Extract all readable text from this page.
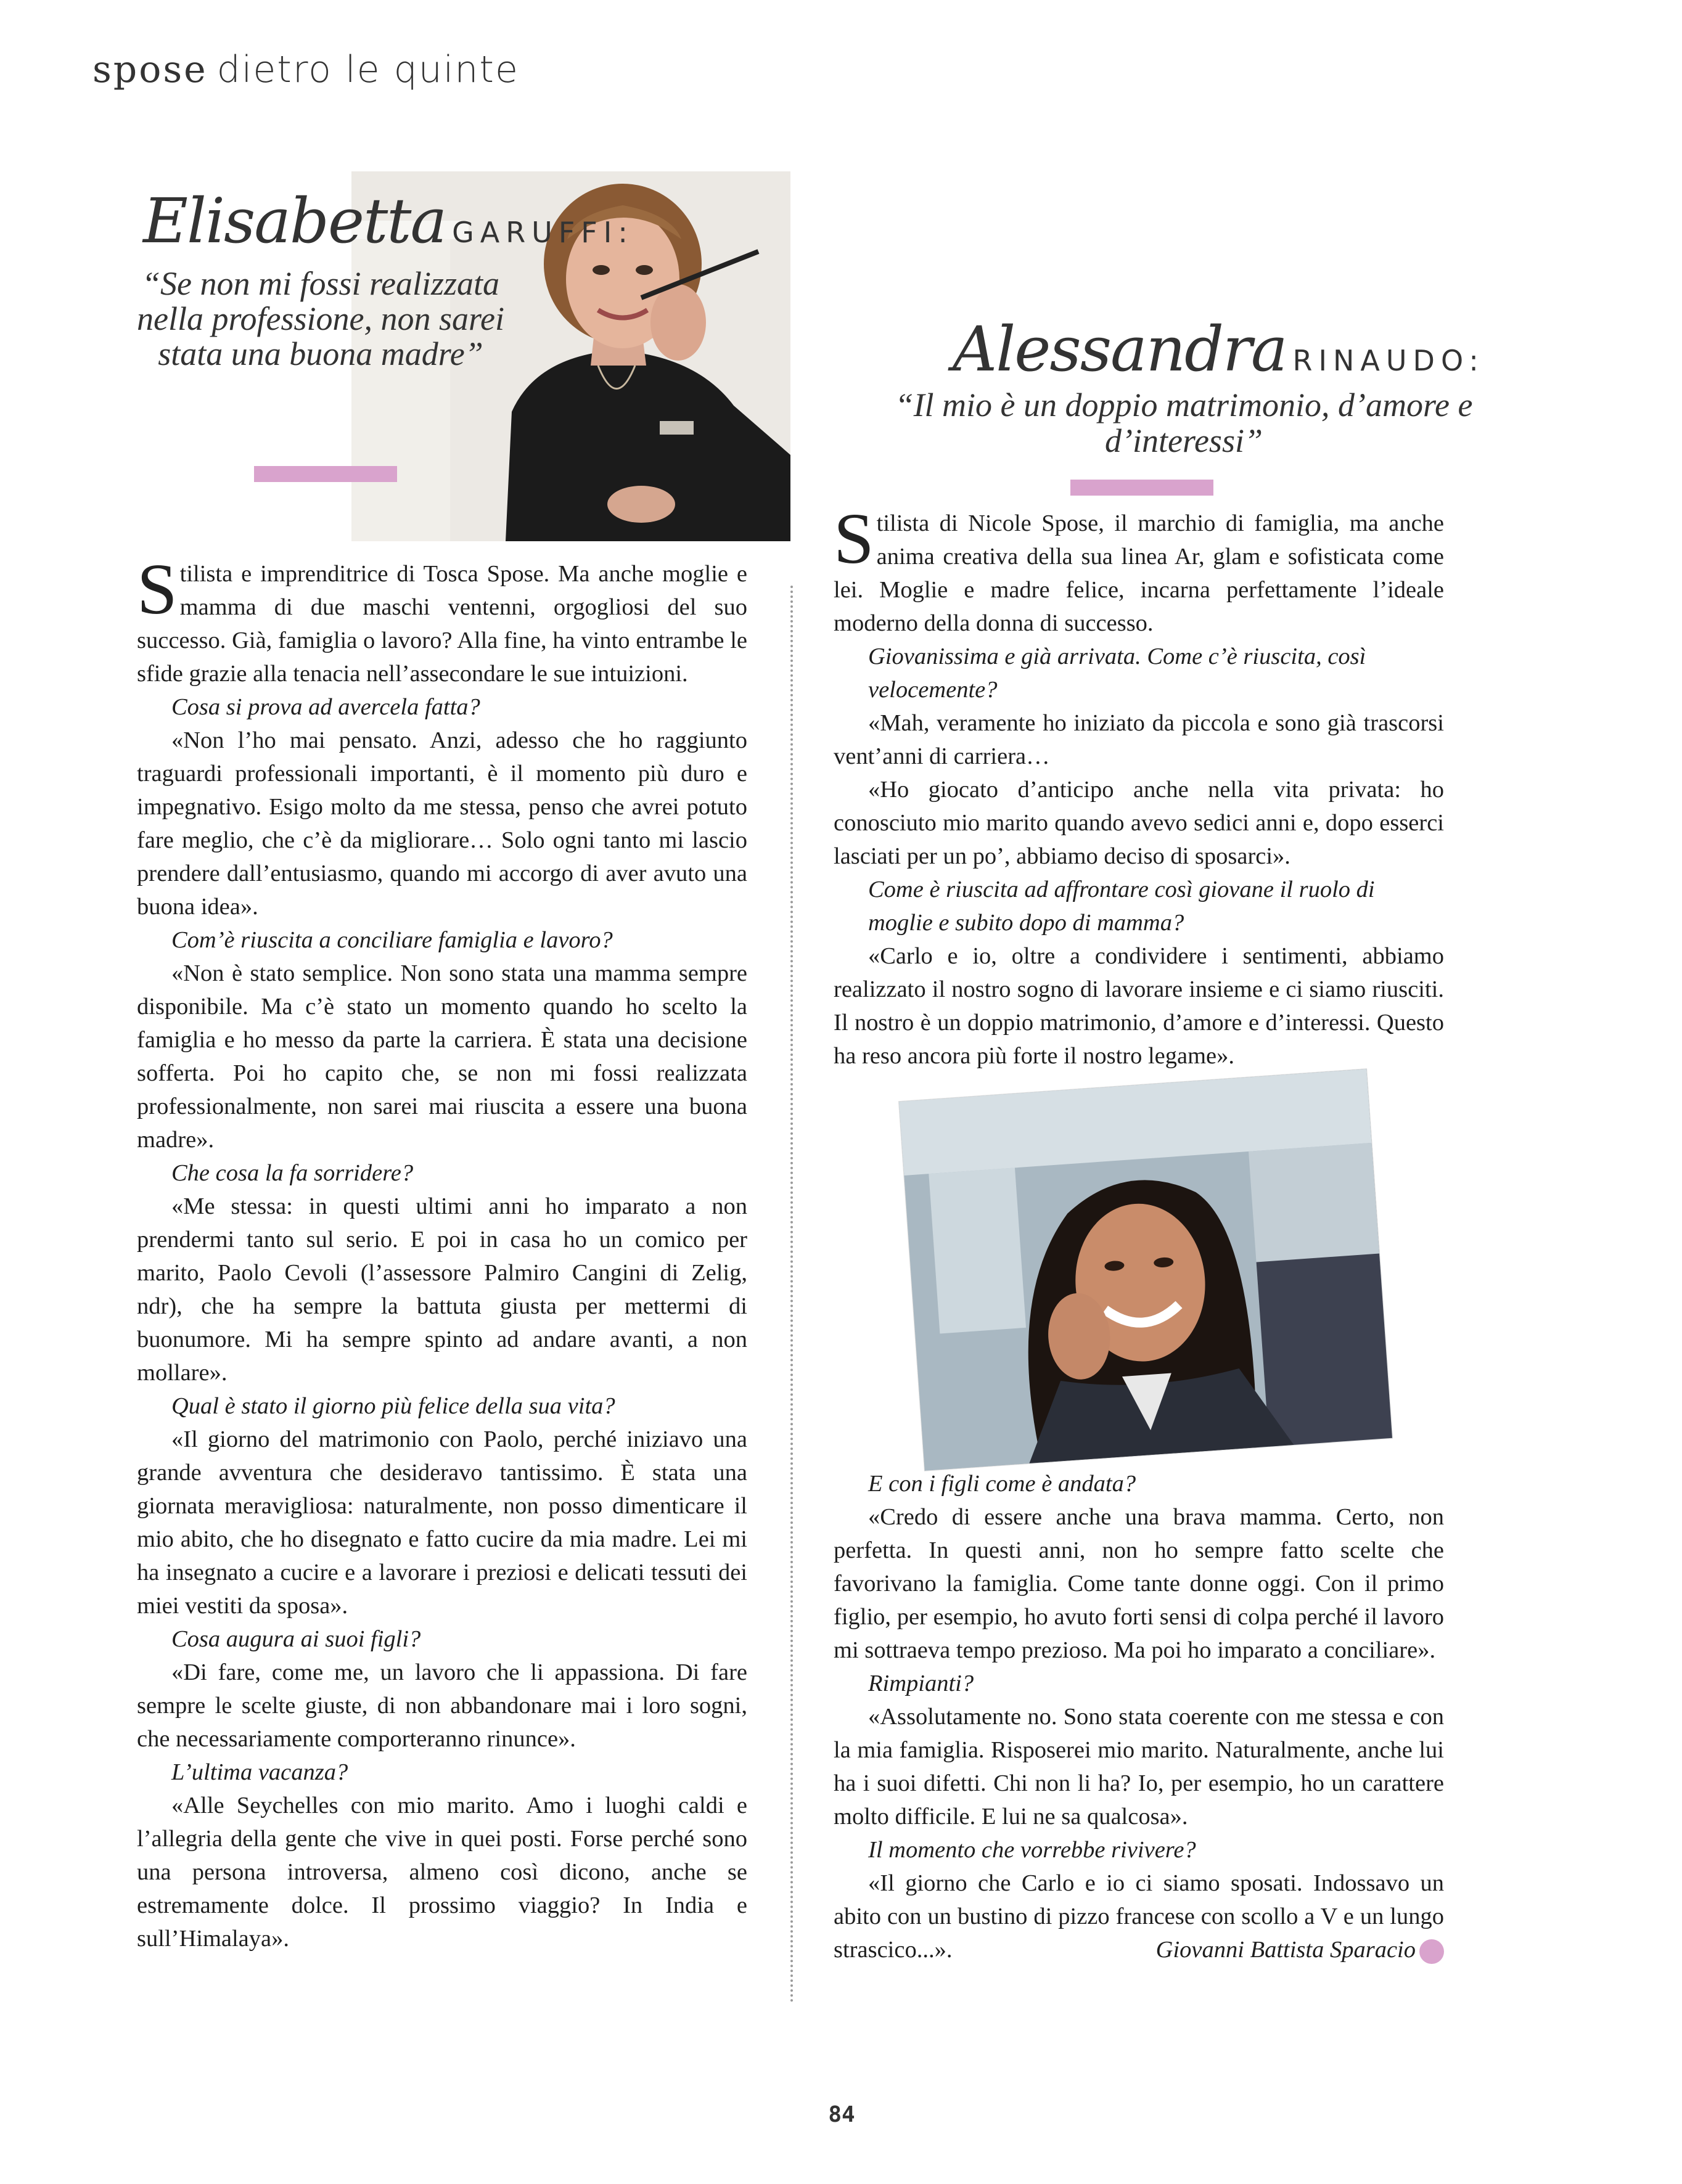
spose dietro le quinte
Elisabetta GARUFFI:
“Se non mi fossi realizzata nella professione, non sarei stata una buona madre”

Stilista e imprenditrice di Tosca Spose. Ma anche moglie e mamma di due maschi ventenni, orgogliosi del suo successo. Già, famiglia o lavoro? Alla fine, ha vinto entrambe le sfide grazie alla tenacia nell’assecondare le sue intuizioni.

Cosa si prova ad avercela fatta?

«Non l’ho mai pensato. Anzi, adesso che ho raggiunto traguardi professionali importanti, è il momento più duro e impegnativo. Esigo molto da me stessa, penso che avrei potuto fare meglio, che c’è da migliorare… Solo ogni tanto mi lascio prendere dall’entusiasmo, quando mi accorgo di aver avuto una buona idea».

Com’è riuscita a conciliare famiglia e lavoro?

«Non è stato semplice. Non sono stata una mamma sempre disponibile. Ma c’è stato un momento quando ho scelto la famiglia e ho messo da parte la carriera. È stata una decisione sofferta. Poi ho capito che, se non mi fossi realizzata professionalmente, non sarei mai riuscita a essere una buona madre».

Che cosa la fa sorridere?

«Me stessa: in questi ultimi anni ho imparato a non prendermi tanto sul serio. E poi in casa ho un comico per marito, Paolo Cevoli (l’assessore Palmiro Cangini di Zelig, ndr), che ha sempre la battuta giusta per mettermi di buonumore. Mi ha sempre spinto ad andare avanti, a non mollare».

Qual è stato il giorno più felice della sua vita?

«Il giorno del matrimonio con Paolo, perché iniziavo una grande avventura che desideravo tantissimo. È stata una giornata meravigliosa: naturalmente, non posso dimenticare il mio abito, che ho disegnato e fatto cucire da mia madre. Lei mi ha insegnato a cucire e a lavorare i preziosi e delicati tessuti dei miei vestiti da sposa».

Cosa augura ai suoi figli?

«Di fare, come me, un lavoro che li appassiona. Di fare sempre le scelte giuste, di non abbandonare mai i loro sogni, che necessariamente comporteranno rinunce».

L’ultima vacanza?

«Alle Seychelles con mio marito. Amo i luoghi caldi e l’allegria della gente che vive in quei posti. Forse perché sono una persona introversa, almeno così dicono, anche se estremamente dolce. Il prossimo viaggio? In India e sull’Himalaya».

Alessandra RINAUDO:
“Il mio è un doppio matrimonio, d’amore e d’interessi”

Stilista di Nicole Spose, il marchio di famiglia, ma anche anima creativa della sua linea Ar, glam e sofisticata come lei. Moglie e madre felice, incarna perfettamente l’ideale moderno della donna di successo.

Giovanissima e già arrivata. Come c’è riuscita, così velocemente?

«Mah, veramente ho iniziato da piccola e sono già trascorsi vent’anni di carriera…

«Ho giocato d’anticipo anche nella vita privata: ho conosciuto mio marito quando avevo sedici anni e, dopo esserci lasciati per un po’, abbiamo deciso di sposarci».

Come è riuscita ad affrontare così giovane il ruolo di moglie e subito dopo di mamma?

«Carlo e io, oltre a condividere i sentimenti, abbiamo realizzato il nostro sogno di lavorare insieme e ci siamo riusciti. Il nostro è un doppio matrimonio, d’amore e d’interessi. Questo ha reso ancora più forte il nostro legame».

E con i figli come è andata?

«Credo di essere anche una brava mamma. Certo, non perfetta. In questi anni, non ho sempre fatto scelte che favorivano la famiglia. Come tante donne oggi. Con il primo figlio, per esempio, ho avuto forti sensi di colpa perché il lavoro mi sottraeva tempo prezioso. Ma poi ho imparato a conciliare».

Rimpianti?

«Assolutamente no. Sono stata coerente con me stessa e con la mia famiglia. Risposerei mio marito. Naturalmente, anche lui ha i suoi difetti. Chi non li ha? Io, per esempio, ho un carattere molto difficile. E lui ne sa qualcosa».

Il momento che vorrebbe rivivere?

«Il giorno che Carlo e io ci siamo sposati. Indossavo un abito con un bustino di pizzo francese con scollo a V e un lungo strascico...».	Giovanni Battista Sparacio E

84
